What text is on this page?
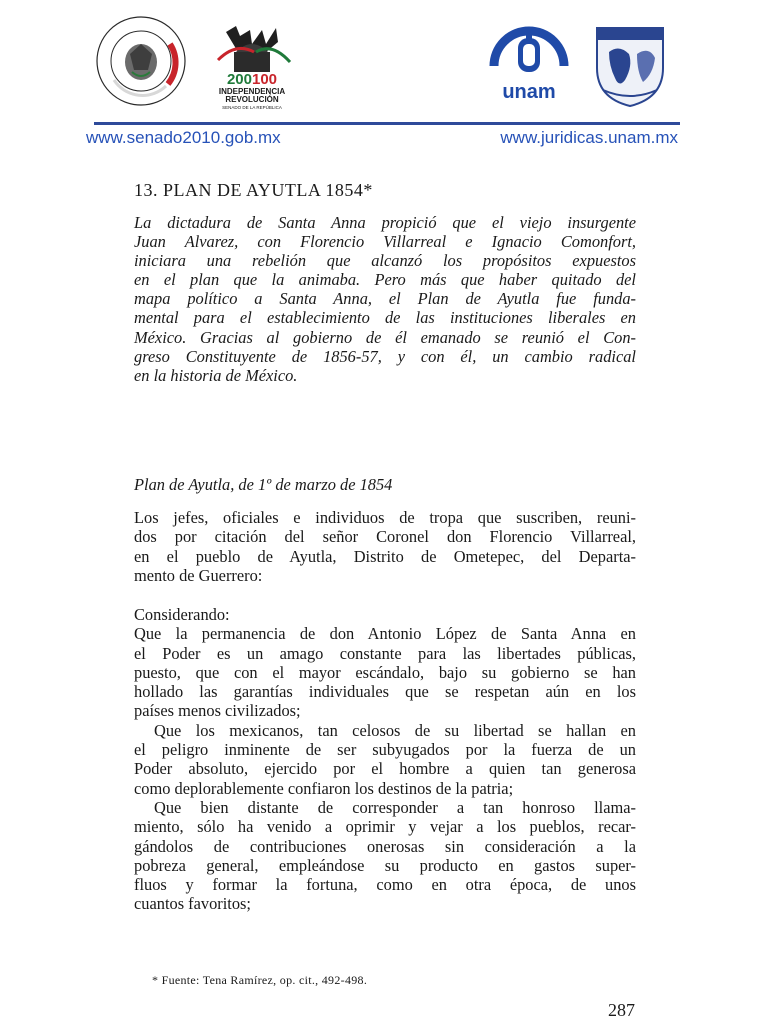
200100
INDEPENDENCIA
REVOLUCIÓN
SENADO DE LA REPÚBLICA
unam
www.senado2010.gob.mx	www.juridicas.unam.mx
13. PLAN DE AYUTLA 1854*
La dictadura de Santa Anna propició que el viejo insurgente
Juan Alvarez, con Florencio Villarreal e Ignacio Comonfort,
iniciara una rebelión que alcanzó los propósitos expuestos
en el plan que la animaba. Pero más que haber quitado del
mapa político a Santa Anna, el Plan de Ayutla fue funda-
mental para el establecimiento de las instituciones liberales en
México. Gracias al gobierno de él emanado se reunió el Con-
greso Constituyente de 1856-57, y con él, un cambio radical
en la historia de México.
Plan de Ayutla, de 1º de marzo de 1854
Los jefes, oficiales e individuos de tropa que suscriben, reuni-
dos por citación del señor Coronel don Florencio Villarreal,
en el pueblo de Ayutla, Distrito de Ometepec, del Departa-
mento de Guerrero:
Considerando:
Que la permanencia de don Antonio López de Santa Anna en
el Poder es un amago constante para las libertades públicas,
puesto, que con el mayor escándalo, bajo su gobierno se han
hollado las garantías individuales que se respetan aún en los
países menos civilizados;
Que los mexicanos, tan celosos de su libertad se hallan en
el peligro inminente de ser subyugados por la fuerza de un
Poder absoluto, ejercido por el hombre a quien tan generosa
como deplorablemente confiaron los destinos de la patria;
Que bien distante de corresponder a tan honroso llama-
miento, sólo ha venido a oprimir y vejar a los pueblos, recar-
gándolos de contribuciones onerosas sin consideración a la
pobreza general, empleándose su producto en gastos super-
fluos y formar la fortuna, como en otra época, de unos
cuantos favoritos;
* Fuente: Tena Ramírez, op. cit., 492-498.
287
